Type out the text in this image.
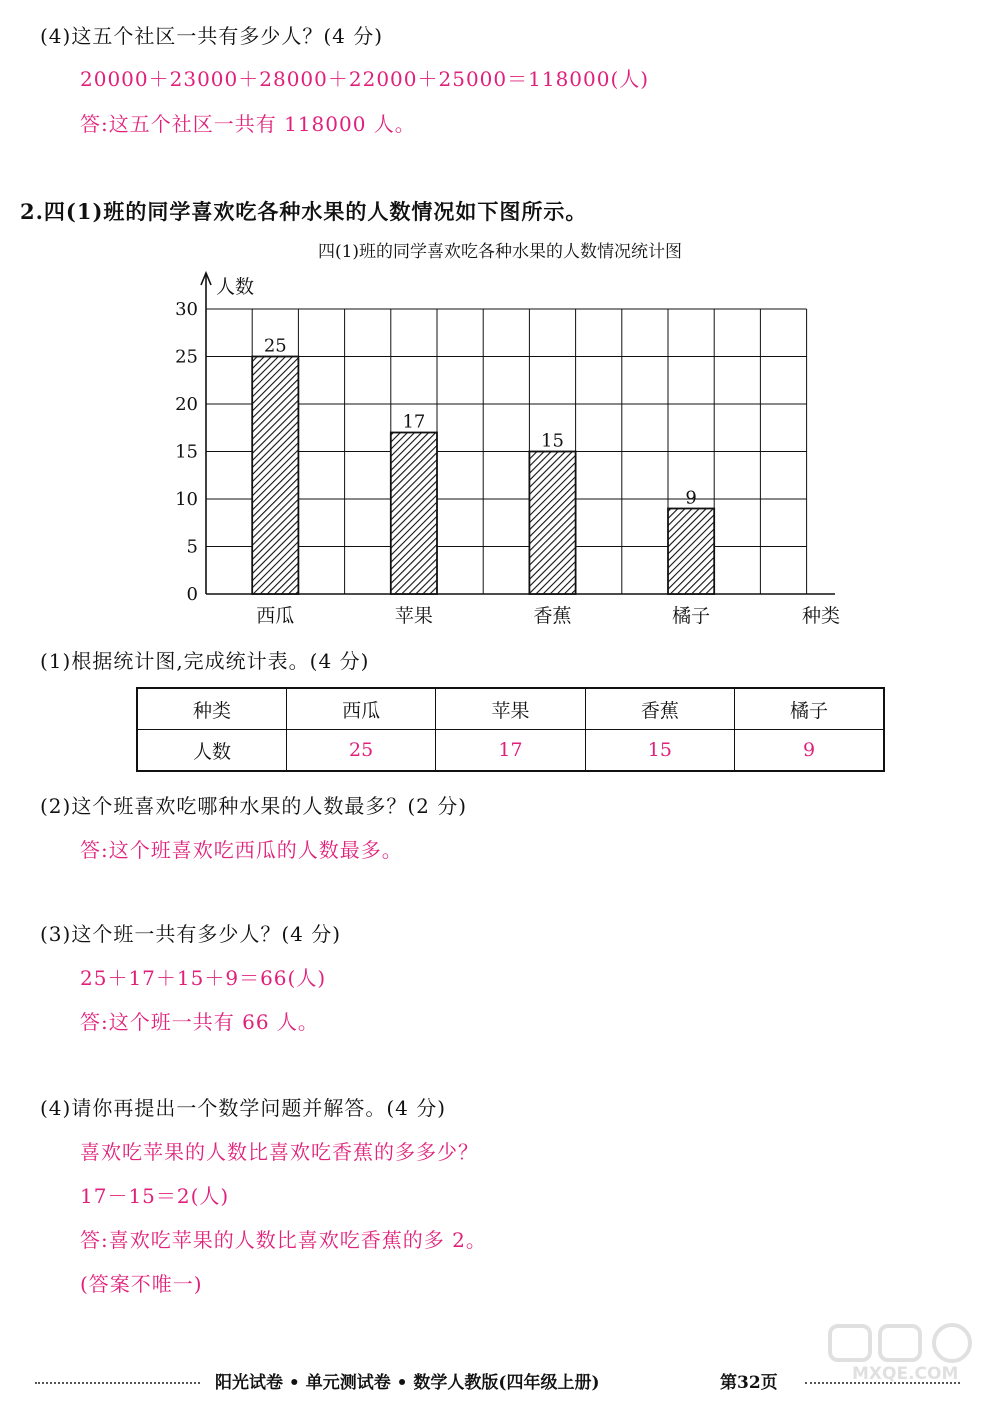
(4)这五个社区一共有多少人？(4 分)
20000＋23000＋28000＋22000＋25000＝118000(人)
答:这五个社区一共有 118000 人。
2.四(1)班的同学喜欢吃各种水果的人数情况如下图所示。
四(1)班的同学喜欢吃各种水果的人数情况统计图
人数
种类
0
5
10
15
20
25
30
25
17
15
9
西瓜	苹果	香蕉	橘子
(1)根据统计图,完成统计表。(4 分)
种类	西瓜	苹果	香蕉	橘子
人数	25	17	15	9
(2)这个班喜欢吃哪种水果的人数最多？(2 分)
答:这个班喜欢吃西瓜的人数最多。
(3)这个班一共有多少人？(4 分)
25＋17＋15＋9＝66(人)
答:这个班一共有 66 人。
(4)请你再提出一个数学问题并解答。(4 分)
喜欢吃苹果的人数比喜欢吃香蕉的多多少？
17－15＝2(人)
答:喜欢吃苹果的人数比喜欢吃香蕉的多 2。
(答案不唯一)
阳光试卷 • 单元测试卷 • 数学人教版(四年级上册)	第32页	MXQE.COM
